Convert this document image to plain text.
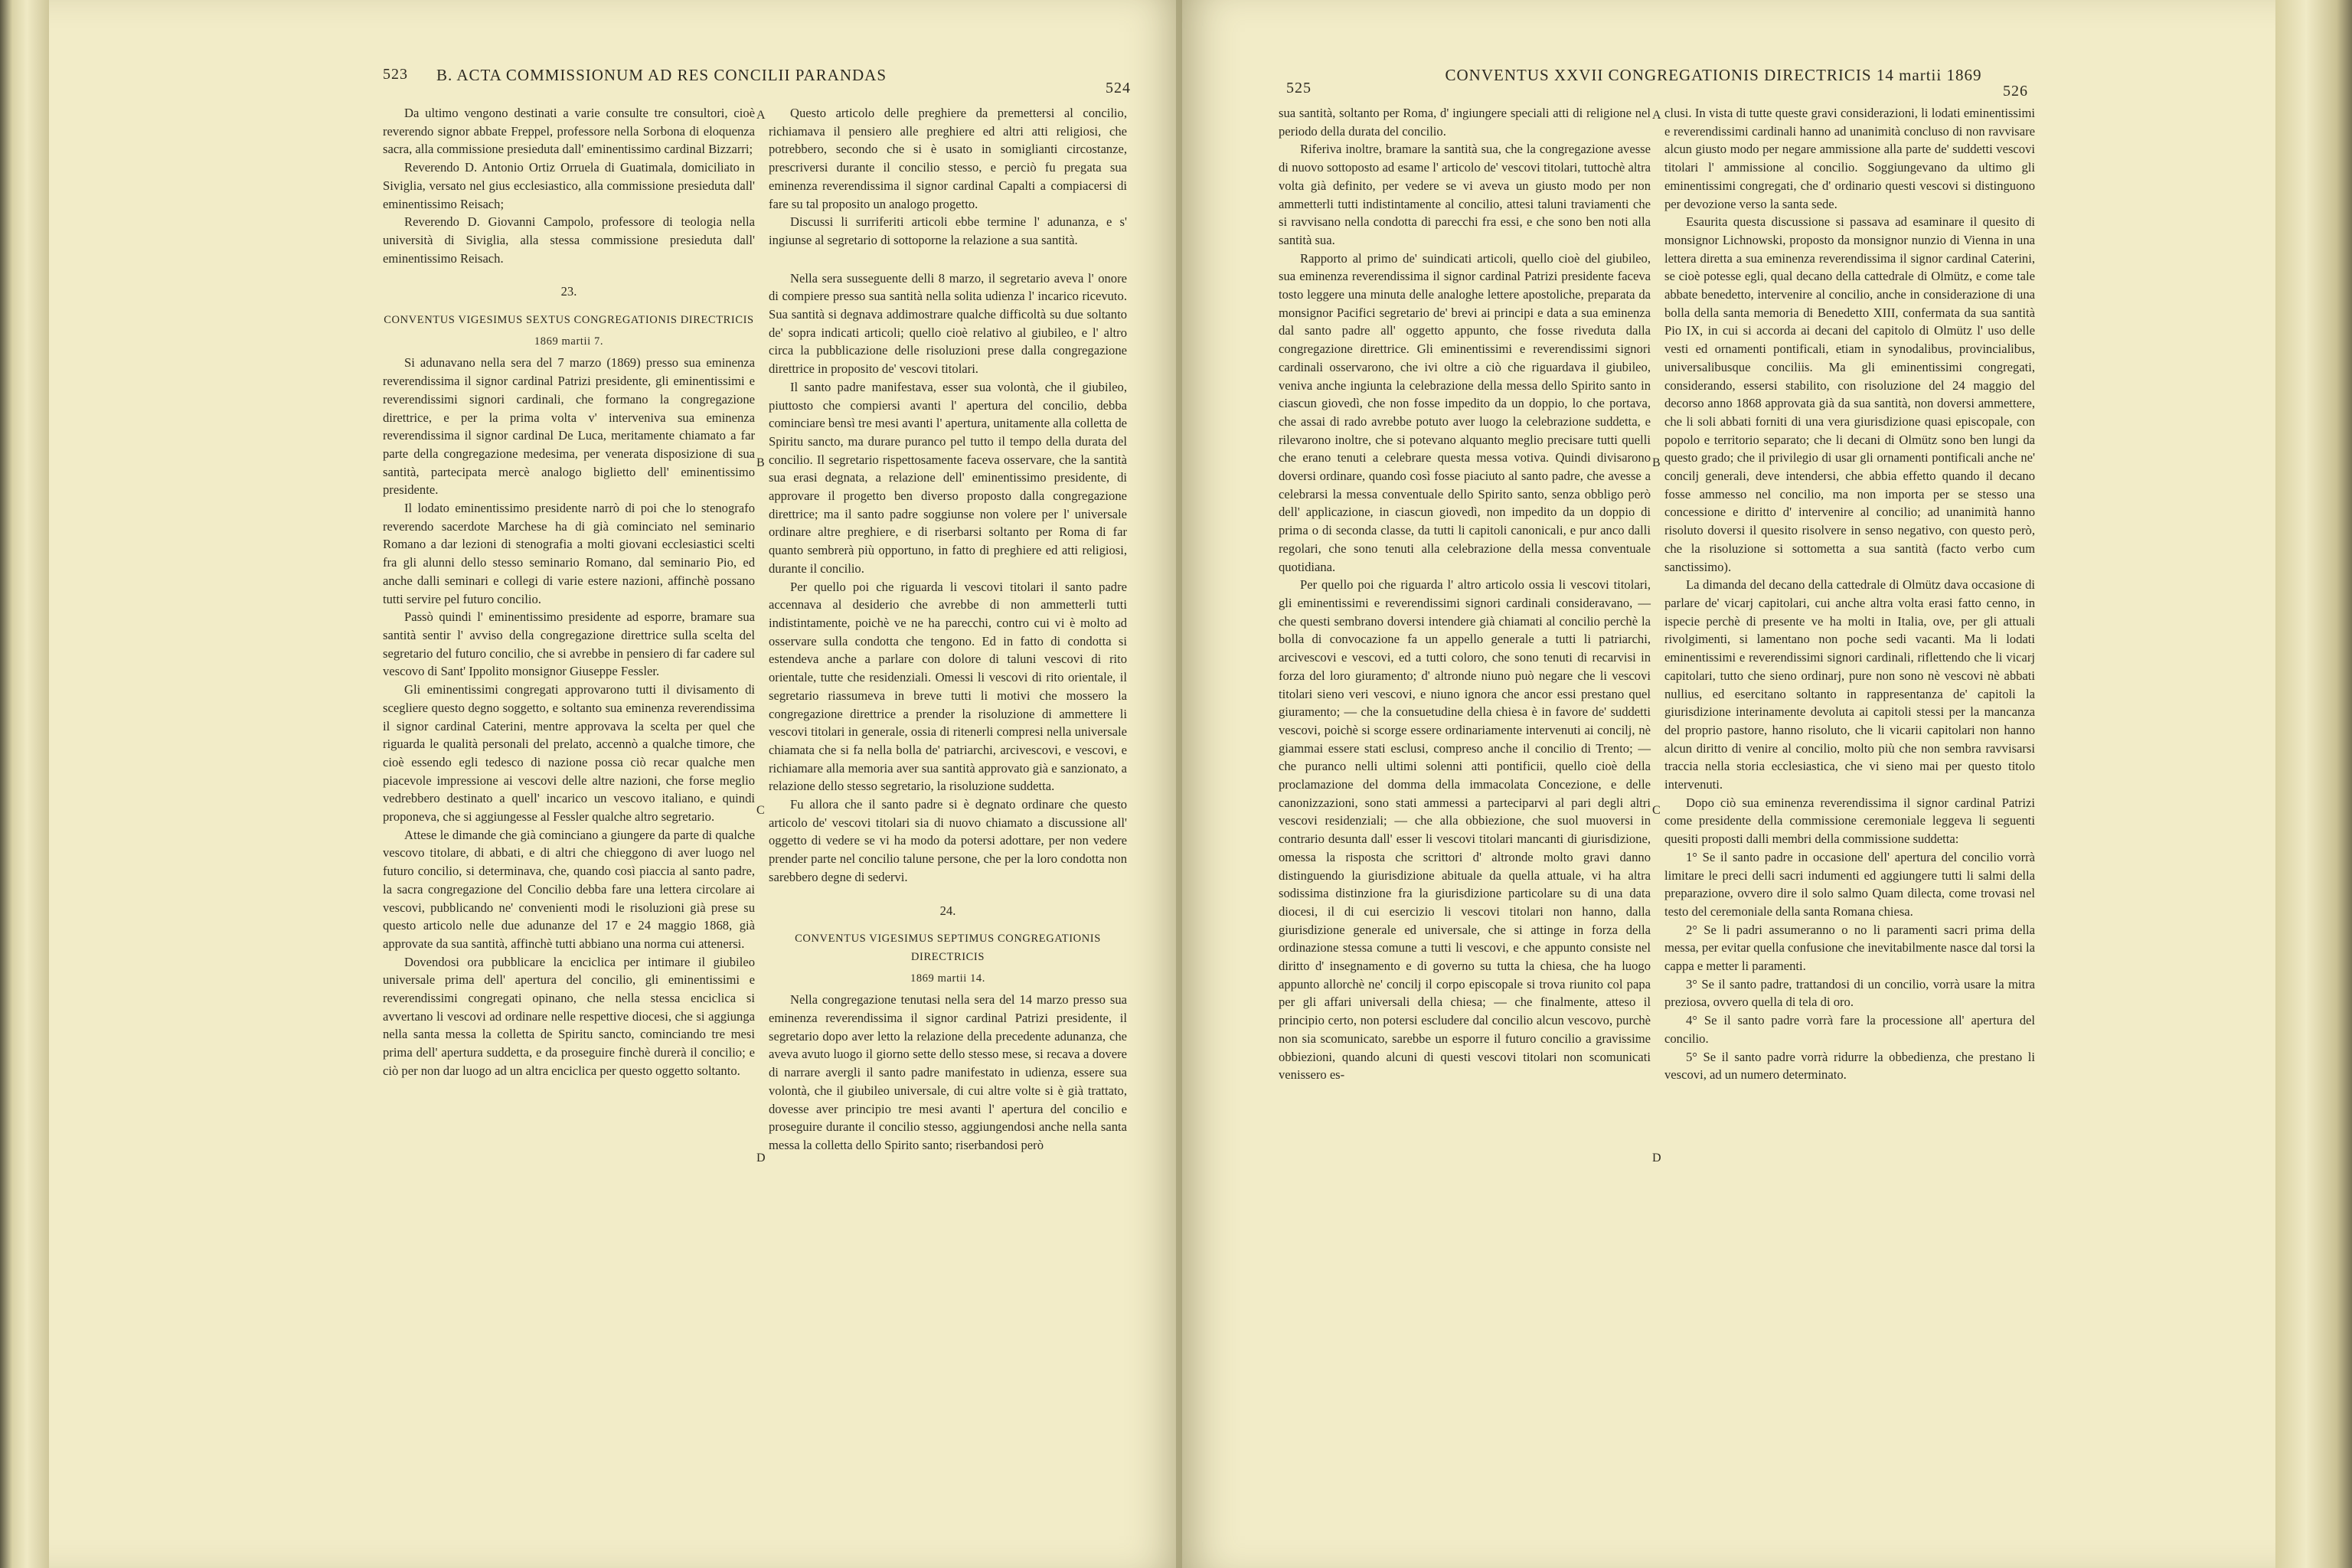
523	B. ACTA COMMISSIONUM AD RES CONCILII PARANDAS
524

Da ultimo vengono destinati a varie consulte tre consultori, cioè reverendo signor abbate Freppel, professore nella Sorbona di eloquenza sacra, alla commissione presieduta dall' eminentissimo cardinal Bizzarri;

Reverendo D. Antonio Ortiz Orruela di Guatimala, domiciliato in Siviglia, versato nel gius ecclesiastico, alla commissione presieduta dall' eminentissimo Reisach;

Reverendo D. Giovanni Campolo, professore di teologia nella università di Siviglia, alla stessa commissione presieduta dall' eminentissimo Reisach.

23.

CONVENTUS VIGESIMUS SEXTUS CONGREGATIONIS DIRECTRICIS

1869 martii 7.

Si adunavano nella sera del 7 marzo (1869) presso sua eminenza reverendissima il signor cardinal Patrizi presidente, gli eminentissimi e reverendissimi signori cardinali, che formano la congregazione direttrice, e per la prima volta v' interveniva sua eminenza reverendissima il signor cardinal De Luca, meritamente chiamato a far parte della congregazione medesima, per venerata disposizione di sua santità, partecipata mercè analogo biglietto dell' eminentissimo presidente.

Il lodato eminentissimo presidente narrò di poi che lo stenografo reverendo sacerdote Marchese ha di già cominciato nel seminario Romano a dar lezioni di stenografia a molti giovani ecclesiastici scelti fra gli alunni dello stesso seminario Romano, dal seminario Pio, ed anche dalli seminari e collegi di varie estere nazioni, affinchè possano tutti servire pel futuro concilio.

Passò quindi l' eminentissimo presidente ad esporre, bramare sua santità sentir l' avviso della congregazione direttrice sulla scelta del segretario del futuro concilio, che si avrebbe in pensiero di far cadere sul vescovo di Sant' Ippolito monsignor Giuseppe Fessler.

Gli eminentissimi congregati approvarono tutti il divisamento di scegliere questo degno soggetto, e soltanto sua eminenza reverendissima il signor cardinal Caterini, mentre approvava la scelta per quel che riguarda le qualità personali del prelato, accennò a qualche timore, che cioè essendo egli tedesco di nazione possa ciò recar qualche men piacevole impressione ai vescovi delle altre nazioni, che forse meglio vedrebbero destinato a quell' incarico un vescovo italiano, e quindi proponeva, che si aggiungesse al Fessler qualche altro segretario.

Attese le dimande che già cominciano a giungere da parte di qualche vescovo titolare, di abbati, e di altri che chieggono di aver luogo nel futuro concilio, si determinava, che, quando così piaccia al santo padre, la sacra congregazione del Concilio debba fare una lettera circolare ai vescovi, pubblicando ne' convenienti modi le risoluzioni già prese su questo articolo nelle due adunanze del 17 e 24 maggio 1868, già approvate da sua santità, affinchè tutti abbiano una norma cui attenersi.

Dovendosi ora pubblicare la enciclica per intimare il giubileo universale prima dell' apertura del concilio, gli eminentissimi e reverendissimi congregati opinano, che nella stessa enciclica si avvertano li vescovi ad ordinare nelle respettive diocesi, che si aggiunga nella santa messa la colletta de Spiritu sancto, cominciando tre mesi prima dell' apertura suddetta, e da proseguire finchè durerà il concilio; e ciò per non dar luogo ad un altra enciclica per questo oggetto soltanto.

A
B
C
D

Questo articolo delle preghiere da premettersi al concilio, richiamava il pensiero alle preghiere ed altri atti religiosi, che potrebbero, secondo che si è usato in somiglianti circostanze, prescriversi durante il concilio stesso, e perciò fu pregata sua eminenza reverendissima il signor cardinal Capalti a compiacersi di fare su tal proposito un analogo progetto.

Discussi li surriferiti articoli ebbe termine l' adunanza, e s' ingiunse al segretario di sottoporne la relazione a sua santità.

Nella sera susseguente delli 8 marzo, il segretario aveva l' onore di compiere presso sua santità nella solita udienza l' incarico ricevuto. Sua santità si degnava addimostrare qualche difficoltà su due soltanto de' sopra indicati articoli; quello cioè relativo al giubileo, e l' altro circa la pubblicazione delle risoluzioni prese dalla congregazione direttrice in proposito de' vescovi titolari.

Il santo padre manifestava, esser sua volontà, che il giubileo, piuttosto che compiersi avanti l' apertura del concilio, debba cominciare bensì tre mesi avanti l' apertura, unitamente alla colletta de Spiritu sancto, ma durare puranco pel tutto il tempo della durata del concilio. Il segretario rispettosamente faceva osservare, che la santità sua erasi degnata, a relazione dell' eminentissimo presidente, di approvare il progetto ben diverso proposto dalla congregazione direttrice; ma il santo padre soggiunse non volere per l' universale ordinare altre preghiere, e di riserbarsi soltanto per Roma di far quanto sembrerà più opportuno, in fatto di preghiere ed atti religiosi, durante il concilio.

Per quello poi che riguarda li vescovi titolari il santo padre accennava al desiderio che avrebbe di non ammetterli tutti indistintamente, poichè ve ne ha parecchi, contro cui vi è molto ad osservare sulla condotta che tengono. Ed in fatto di condotta si estendeva anche a parlare con dolore di taluni vescovi di rito orientale, tutte che residenziali. Omessi li vescovi di rito orientale, il segretario riassumeva in breve tutti li motivi che mossero la congregazione direttrice a prender la risoluzione di ammettere li vescovi titolari in generale, ossia di ritenerli compresi nella universale chiamata che si fa nella bolla de' patriarchi, arcivescovi, e vescovi, e richiamare alla memoria aver sua santità approvato già e sanzionato, a relazione dello stesso segretario, la risoluzione suddetta.

Fu allora che il santo padre si è degnato ordinare che questo articolo de' vescovi titolari sia di nuovo chiamato a discussione all' oggetto di vedere se vi ha modo da potersi adottare, per non vedere prender parte nel concilio talune persone, che per la loro condotta non sarebbero degne di sedervi.

24.

CONVENTUS VIGESIMUS SEPTIMUS CONGREGATIONIS DIRECTRICIS

1869 martii 14.

Nella congregazione tenutasi nella sera del 14 marzo presso sua eminenza reverendissima il signor cardinal Patrizi presidente, il segretario dopo aver letto la relazione della precedente adunanza, che aveva avuto luogo il giorno sette dello stesso mese, si recava a dovere di narrare avergli il santo padre manifestato in udienza, essere sua volontà, che il giubileo universale, di cui altre volte si è già trattato, dovesse aver principio tre mesi avanti l' apertura del concilio e proseguire durante il concilio stesso, aggiungendosi anche nella santa messa la colletta dello Spirito santo; riserbandosi però

525
CONVENTUS XXVII CONGREGATIONIS DIRECTRICIS 14 martii 1869
526

sua santità, soltanto per Roma, d' ingiungere speciali atti di religione nel periodo della durata del concilio.

Riferiva inoltre, bramare la santità sua, che la congregazione avesse di nuovo sottoposto ad esame l' articolo de' vescovi titolari, tuttochè altra volta già definito, per vedere se vi aveva un giusto modo per non ammetterli tutti indistintamente al concilio, attesi taluni traviamenti che si ravvisano nella condotta di parecchi fra essi, e che sono ben noti alla santità sua.

Rapporto al primo de' suindicati articoli, quello cioè del giubileo, sua eminenza reverendissima il signor cardinal Patrizi presidente faceva tosto leggere una minuta delle analoghe lettere apostoliche, preparata da monsignor Pacifici segretario de' brevi ai principi e data a sua eminenza dal santo padre all' oggetto appunto, che fosse riveduta dalla congregazione direttrice. Gli eminentissimi e reverendissimi signori cardinali osservarono, che ivi oltre a ciò che riguardava il giubileo, veniva anche ingiunta la celebrazione della messa dello Spirito santo in ciascun giovedì, che non fosse impedito da un doppio, lo che portava, che assai di rado avrebbe potuto aver luogo la celebrazione suddetta, e rilevarono inoltre, che si potevano alquanto meglio precisare tutti quelli che erano tenuti a celebrare questa messa votiva. Quindi divisarono doversi ordinare, quando così fosse piaciuto al santo padre, che avesse a celebrarsi la messa conventuale dello Spirito santo, senza obbligo però dell' applicazione, in ciascun giovedì, non impedito da un doppio di prima o di seconda classe, da tutti li capitoli canonicali, e pur anco dalli regolari, che sono tenuti alla celebrazione della messa conventuale quotidiana.

Per quello poi che riguarda l' altro articolo ossia li vescovi titolari, gli eminentissimi e reverendissimi signori cardinali consideravano, — che questi sembrano doversi intendere già chiamati al concilio perchè la bolla di convocazione fa un appello generale a tutti li patriarchi, arcivescovi e vescovi, ed a tutti coloro, che sono tenuti di recarvisi in forza del loro giuramento; d' altronde niuno può negare che li vescovi titolari sieno veri vescovi, e niuno ignora che ancor essi prestano quel giuramento; — che la consuetudine della chiesa è in favore de' suddetti vescovi, poichè si scorge essere ordinariamente intervenuti ai concilj, nè giammai essere stati esclusi, compreso anche il concilio di Trento; — che puranco nelli ultimi solenni atti pontificii, quello cioè della proclamazione del domma della immacolata Concezione, e delle canonizzazioni, sono stati ammessi a parteciparvi al pari degli altri vescovi residenziali; — che alla obbiezione, che suol muoversi in contrario desunta dall' esser li vescovi titolari mancanti di giurisdizione, omessa la risposta che scrittori d' altronde molto gravi danno distinguendo la giurisdizione abituale da quella attuale, vi ha altra sodissima distinzione fra la giurisdizione particolare su di una data diocesi, il di cui esercizio li vescovi titolari non hanno, dalla giurisdizione generale ed universale, che si attinge in forza della ordinazione stessa comune a tutti li vescovi, e che appunto consiste nel diritto d' insegnamento e di governo su tutta la chiesa, che ha luogo appunto allorchè ne' concilj il corpo episcopale si trova riunito col papa per gli affari universali della chiesa; — che finalmente, atteso il principio certo, non potersi escludere dal concilio alcun vescovo, purchè non sia scomunicato, sarebbe un esporre il futuro concilio a gravissime obbiezioni, quando alcuni di questi vescovi titolari non scomunicati venissero es-

A
B
C
D

clusi. In vista di tutte queste gravi considerazioni, li lodati eminentissimi e reverendissimi cardinali hanno ad unanimità concluso di non ravvisare alcun giusto modo per negare ammissione alla parte de' suddetti vescovi titolari l' ammissione al concilio. Soggiungevano da ultimo gli eminentissimi congregati, che d' ordinario questi vescovi si distinguono per devozione verso la santa sede.

Esaurita questa discussione si passava ad esaminare il quesito di monsignor Lichnowski, proposto da monsignor nunzio di Vienna in una lettera diretta a sua eminenza reverendissima il signor cardinal Caterini, se cioè potesse egli, qual decano della cattedrale di Olmütz, e come tale abbate benedetto, intervenire al concilio, anche in considerazione di una bolla della santa memoria di Benedetto XIII, confermata da sua santità Pio IX, in cui si accorda ai decani del capitolo di Olmütz l' uso delle vesti ed ornamenti pontificali, etiam in synodalibus, provincialibus, universalibusque conciliis. Ma gli eminentissimi congregati, considerando, essersi stabilito, con risoluzione del 24 maggio del decorso anno 1868 approvata già da sua santità, non doversi ammettere, che li soli abbati forniti di una vera giurisdizione quasi episcopale, con popolo e territorio separato; che li decani di Olmütz sono ben lungi da questo grado; che il privilegio di usar gli ornamenti pontificali anche ne' concilj generali, deve intendersi, che abbia effetto quando il decano fosse ammesso nel concilio, ma non importa per se stesso una concessione e diritto d' intervenire al concilio; ad unanimità hanno risoluto doversi il quesito risolvere in senso negativo, con questo però, che la risoluzione si sottometta a sua santità (facto verbo cum sanctissimo).

La dimanda del decano della cattedrale di Olmütz dava occasione di parlare de' vicarj capitolari, cui anche altra volta erasi fatto cenno, in ispecie perchè di presente ve ha molti in Italia, ove, per gli attuali rivolgimenti, si lamentano non poche sedi vacanti. Ma li lodati eminentissimi e reverendissimi signori cardinali, riflettendo che li vicarj capitolari, tutto che sieno ordinarj, pure non sono nè vescovi nè abbati nullius, ed esercitano soltanto in rappresentanza de' capitoli la giurisdizione interinamente devoluta ai capitoli stessi per la mancanza del proprio pastore, hanno risoluto, che li vicarii capitolari non hanno alcun diritto di venire al concilio, molto più che non sembra ravvisarsi traccia nella storia ecclesiastica, che vi sieno mai per questo titolo intervenuti.

Dopo ciò sua eminenza reverendissima il signor cardinal Patrizi come presidente della commissione ceremoniale leggeva li seguenti quesiti proposti dalli membri della commissione suddetta:

1° Se il santo padre in occasione dell' apertura del concilio vorrà limitare le preci delli sacri indumenti ed aggiungere tutti li salmi della preparazione, ovvero dire il solo salmo Quam dilecta, come trovasi nel testo del ceremoniale della santa Romana chiesa.

2° Se li padri assumeranno o no li paramenti sacri prima della messa, per evitar quella confusione che inevitabilmente nasce dal torsi la cappa e metter li paramenti.

3° Se il santo padre, trattandosi di un concilio, vorrà usare la mitra preziosa, ovvero quella di tela di oro.

4° Se il santo padre vorrà fare la processione all' apertura del concilio.

5° Se il santo padre vorrà ridurre la obbedienza, che prestano li vescovi, ad un numero determinato.
